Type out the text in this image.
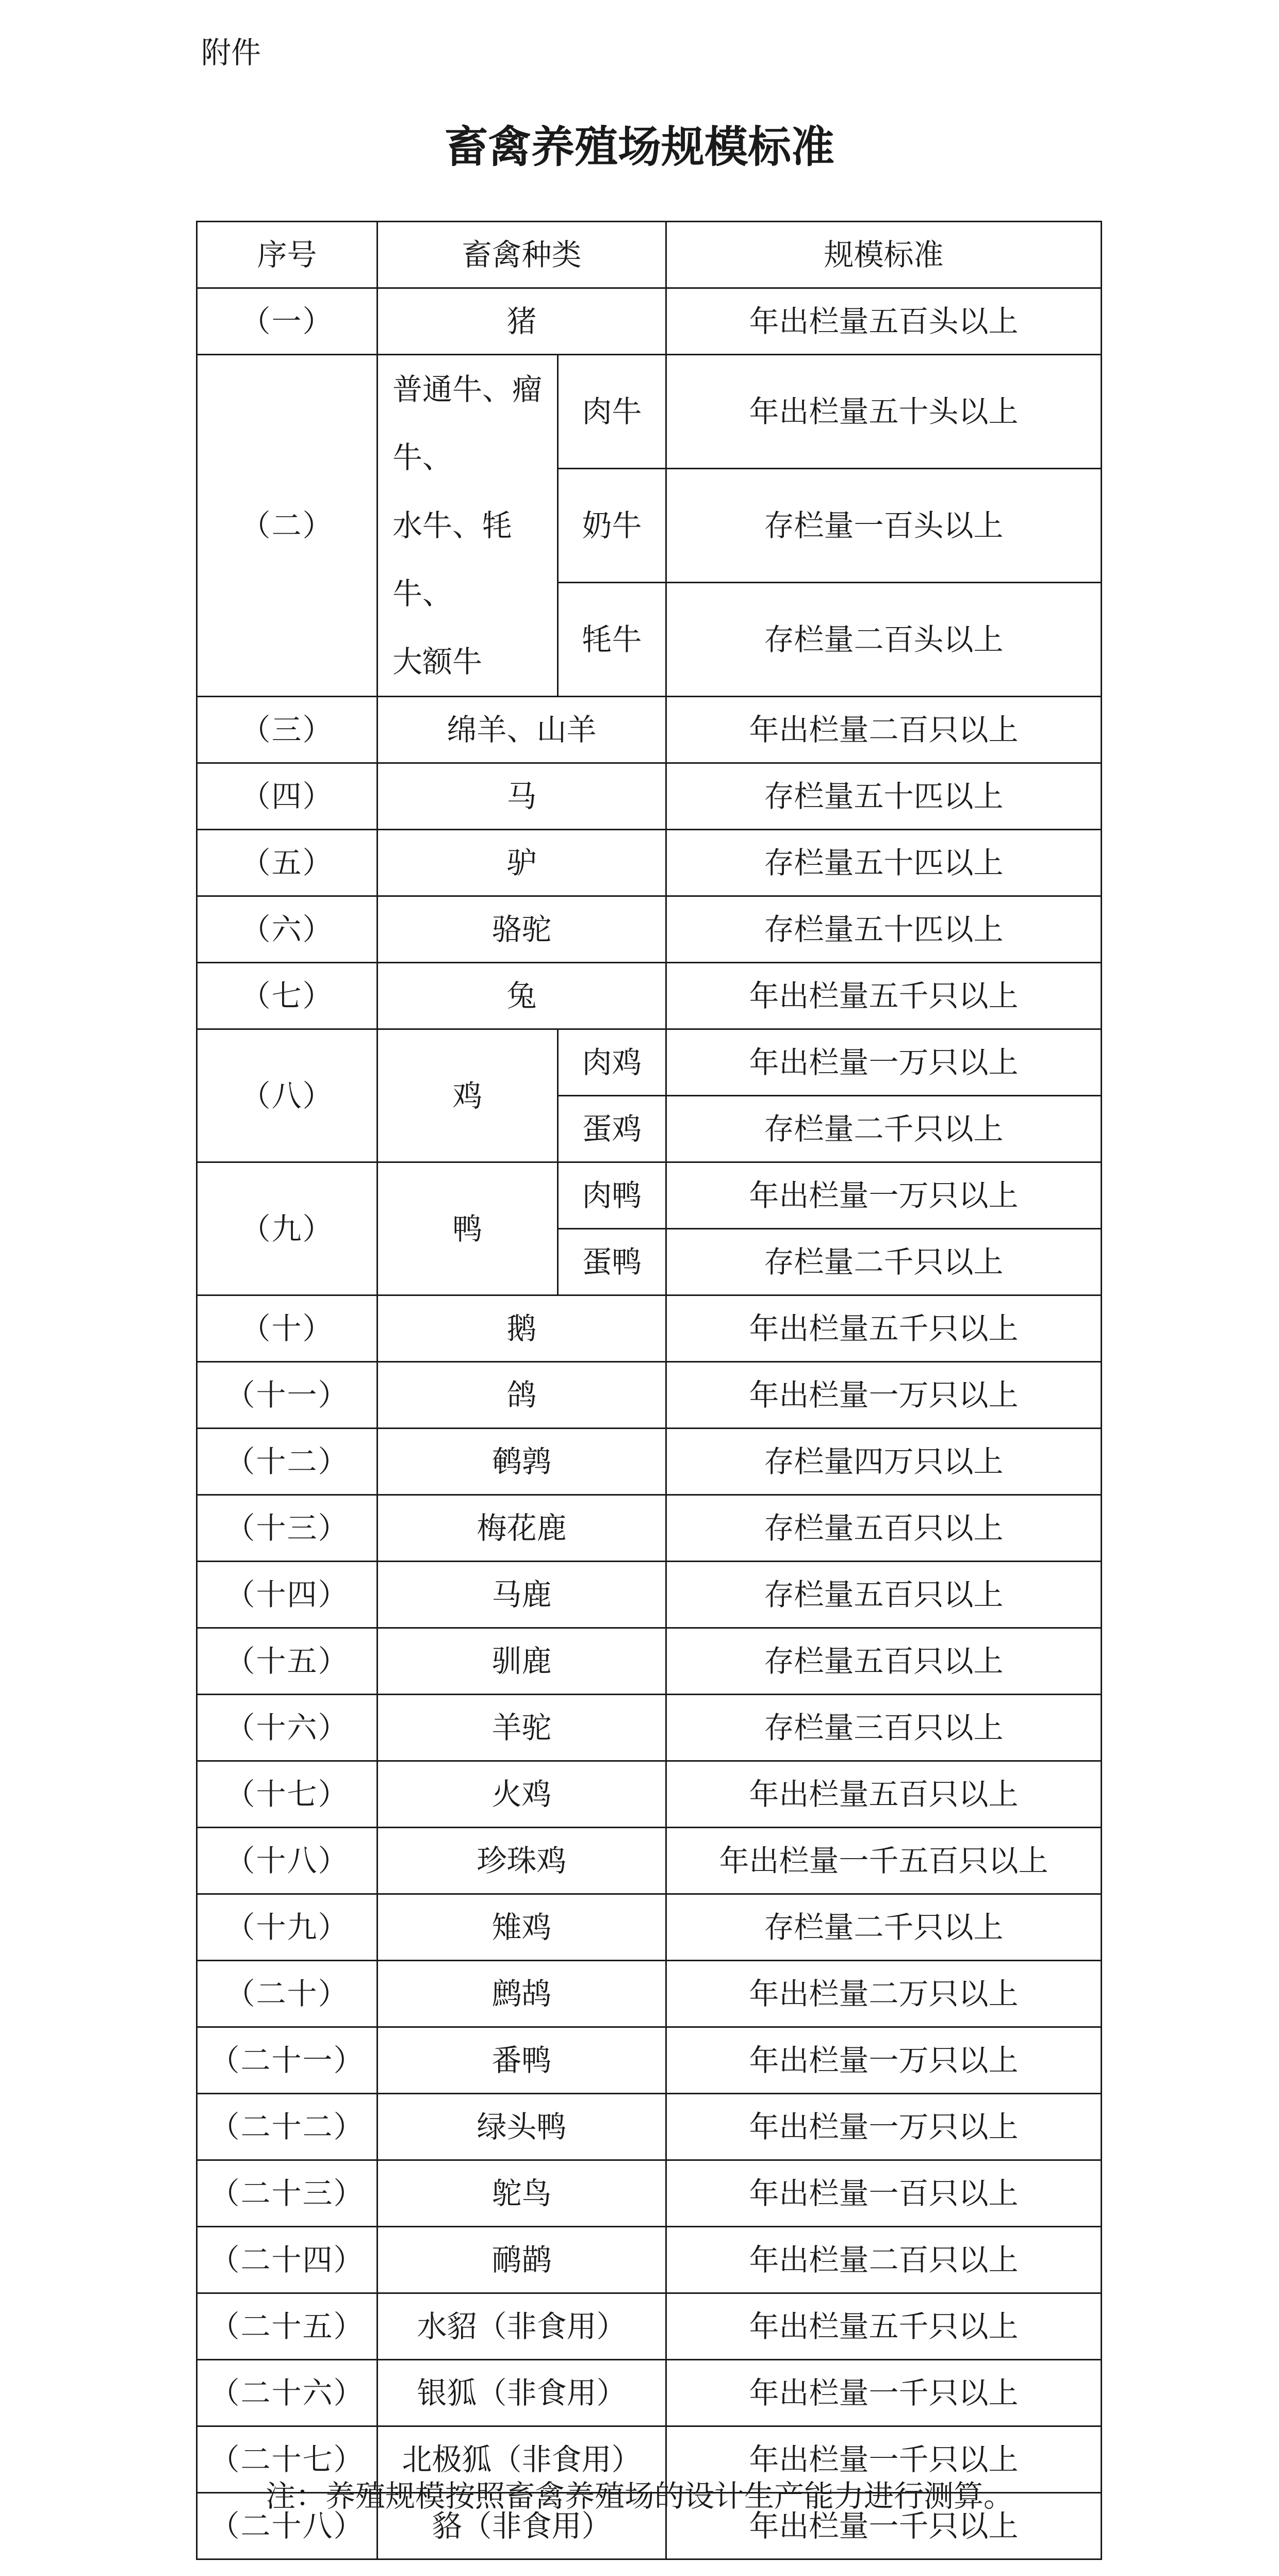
附件
畜禽养殖场规模标准
序号	畜禽种类		规模标准
（一）	猪		年出栏量五百头以上
（二）	普通牛、瘤牛、
水牛、牦牛、
大额牛	肉牛	年出栏量五十头以上
		奶牛	存栏量一百头以上
		牦牛	存栏量二百头以上
（三）	绵羊、山羊		年出栏量二百只以上
（四）	马		存栏量五十匹以上
（五）	驴		存栏量五十匹以上
（六）	骆驼		存栏量五十匹以上
（七）	兔		年出栏量五千只以上
（八）	鸡	肉鸡	年出栏量一万只以上
		蛋鸡	存栏量二千只以上
（九）	鸭	肉鸭	年出栏量一万只以上
		蛋鸭	存栏量二千只以上
（十）	鹅		年出栏量五千只以上
（十一）	鸽		年出栏量一万只以上
（十二）	鹌鹑		存栏量四万只以上
（十三）	梅花鹿		存栏量五百只以上
（十四）	马鹿		存栏量五百只以上
（十五）	驯鹿		存栏量五百只以上
（十六）	羊驼		存栏量三百只以上
（十七）	火鸡		年出栏量五百只以上
（十八）	珍珠鸡		年出栏量一千五百只以上
（十九）	雉鸡		存栏量二千只以上
（二十）	鹧鸪		年出栏量二万只以上
（二十一）	番鸭		年出栏量一万只以上
（二十二）	绿头鸭		年出栏量一万只以上
（二十三）	鸵鸟		年出栏量一百只以上
（二十四）	鸸鹋		年出栏量二百只以上
（二十五）	水貂（非食用）		年出栏量五千只以上
（二十六）	银狐（非食用）		年出栏量一千只以上
（二十七）	北极狐（非食用）		年出栏量一千只以上
（二十八）	貉（非食用）		年出栏量一千只以上
注：养殖规模按照畜禽养殖场的设计生产能力进行测算。
